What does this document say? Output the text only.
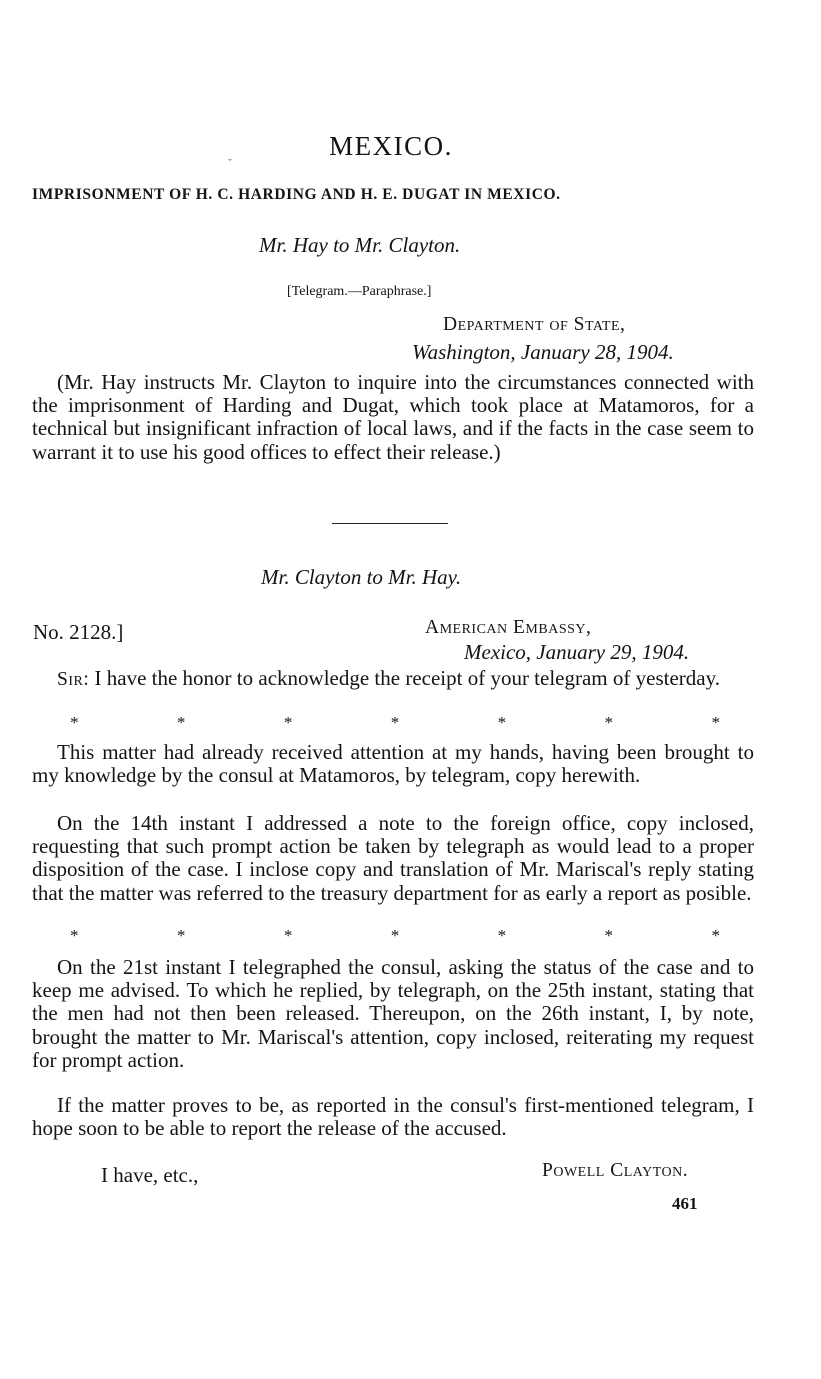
ˇ
MEXICO.
IMPRISONMENT OF H. C. HARDING AND H. E. DUGAT IN MEXICO.
Mr. Hay to Mr. Clayton.
[Telegram.—Paraphrase.]
Department of State,
Washington, January 28, 1904.
(Mr. Hay instructs Mr. Clayton to inquire into the circumstances connected with the imprisonment of Harding and Dugat, which took place at Matamoros, for a technical but insignificant infraction of local laws, and if the facts in the case seem to warrant it to use his good offices to effect their release.)
Mr. Clayton to Mr. Hay.
No. 2128.]	American Embassy,
Mexico, January 29, 1904.
Sir: I have the honor to acknowledge the receipt of your telegram of yesterday.
*	*	*	*	*	*	*
This matter had already received attention at my hands, having been brought to my knowledge by the consul at Matamoros, by telegram, copy herewith.
On the 14th instant I addressed a note to the foreign office, copy inclosed, requesting that such prompt action be taken by telegraph as would lead to a proper disposition of the case. I inclose copy and translation of Mr. Mariscal's reply stating that the matter was referred to the treasury department for as early a report as posible.
*	*	*	*	*	*	*
On the 21st instant I telegraphed the consul, asking the status of the case and to keep me advised. To which he replied, by telegraph, on the 25th instant, stating that the men had not then been released. Thereupon, on the 26th instant, I, by note, brought the matter to Mr. Mariscal's attention, copy inclosed, reiterating my request for prompt action.
If the matter proves to be, as reported in the consul's first-mentioned telegram, I hope soon to be able to report the release of the accused.
I have, etc.,	Powell Clayton.
461
